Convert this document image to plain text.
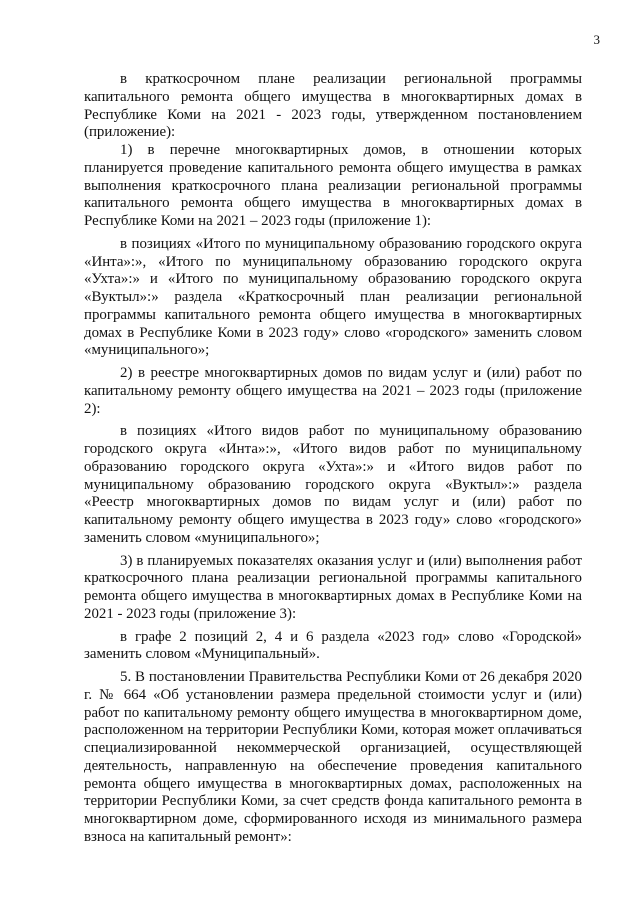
3

в краткосрочном плане реализации региональной программы капитального ремонта общего имущества в многоквартирных домах в Республике Коми на 2021 - 2023 годы, утвержденном постановлением (приложение):

1) в перечне многоквартирных домов, в отношении которых планируется проведение капитального ремонта общего имущества в рамках выполнения краткосрочного плана реализации региональной программы капитального ремонта общего имущества в многоквартирных домах в Республике Коми на 2021 – 2023 годы (приложение 1):

в позициях «Итого по муниципальному образованию городского округа «Инта»:», «Итого по муниципальному образованию городского округа «Ухта»:» и «Итого по муниципальному образованию городского округа «Вуктыл»:» раздела «Краткосрочный план реализации региональной программы капитального ремонта общего имущества в многоквартирных домах в Республике Коми в 2023 году» слово «городского» заменить словом «муниципального»;

2) в реестре многоквартирных домов по видам услуг и (или) работ по капитальному ремонту общего имущества на 2021 – 2023 годы (приложение 2):

в позициях «Итого видов работ по муниципальному образованию городского округа «Инта»:», «Итого видов работ по муниципальному образованию городского округа «Ухта»:» и «Итого видов работ по муниципальному образованию городского округа «Вуктыл»:» раздела «Реестр многоквартирных домов по видам услуг и (или) работ по капитальному ремонту общего имущества в 2023 году» слово «городского» заменить словом «муниципального»;

3) в планируемых показателях оказания услуг и (или) выполнения работ краткосрочного плана реализации региональной программы капитального ремонта общего имущества в многоквартирных домах в Республике Коми на 2021 - 2023 годы (приложение 3):

в графе 2 позиций 2, 4 и 6 раздела «2023 год» слово «Городской» заменить словом «Муниципальный».

5. В постановлении Правительства Республики Коми от 26 декабря 2020 г. № 664 «Об установлении размера предельной стоимости услуг и (или) работ по капитальному ремонту общего имущества в многоквартирном доме, расположенном на территории Республики Коми, которая может оплачиваться специализированной некоммерческой организацией, осуществляющей деятельность, направленную на обеспечение проведения капитального ремонта общего имущества в многоквартирных домах, расположенных на территории Республики Коми, за счет средств фонда капитального ремонта в многоквартирном доме, сформированного исходя из минимального размера взноса на капитальный ремонт»:
